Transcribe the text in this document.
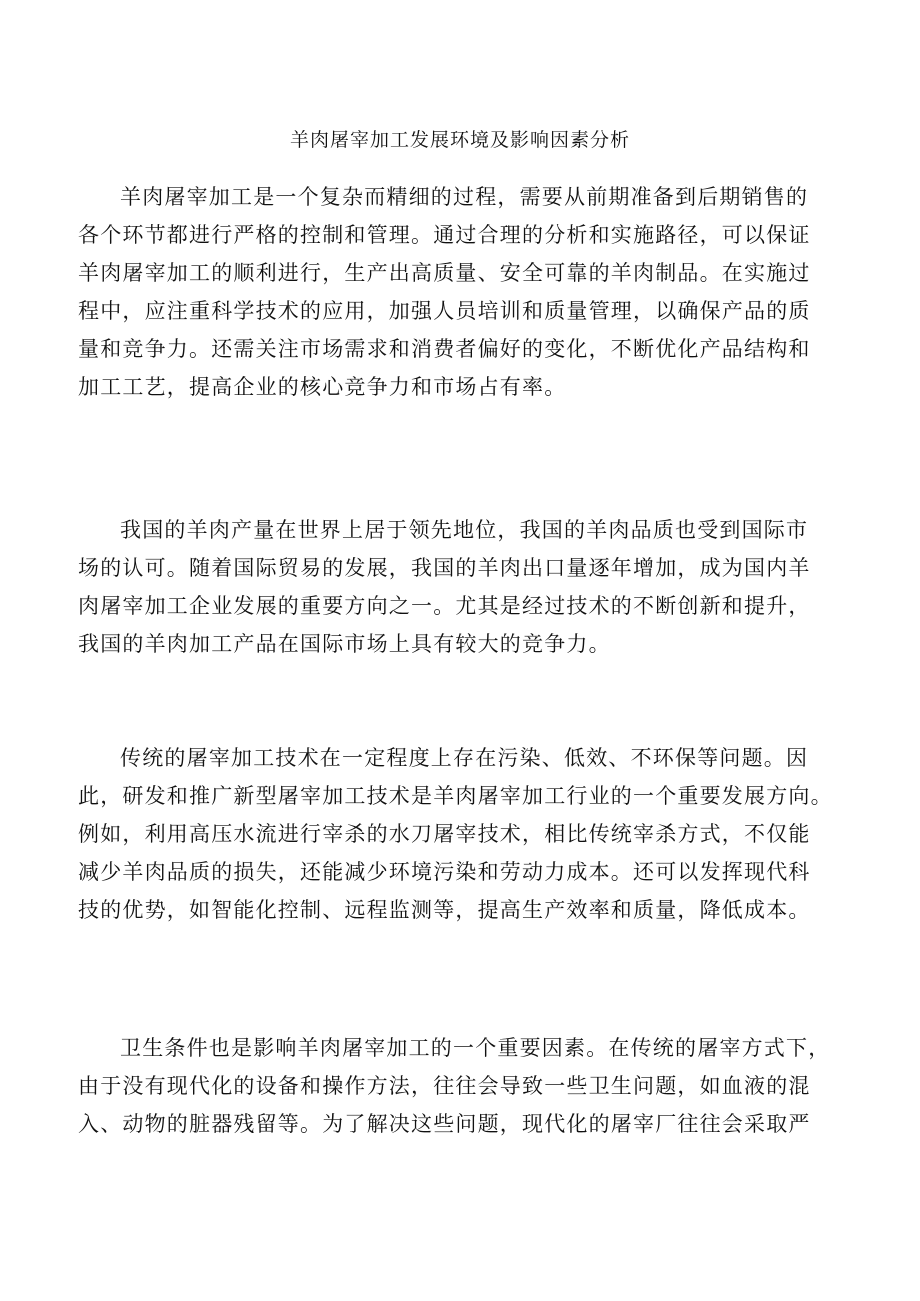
羊肉屠宰加工发展环境及影响因素分析

羊肉屠宰加工是一个复杂而精细的过程，需要从前期准备到后期销售的
各个环节都进行严格的控制和管理。通过合理的分析和实施路径，可以保证
羊肉屠宰加工的顺利进行，生产出高质量、安全可靠的羊肉制品。在实施过
程中，应注重科学技术的应用，加强人员培训和质量管理，以确保产品的质
量和竞争力。还需关注市场需求和消费者偏好的变化，不断优化产品结构和
加工工艺，提高企业的核心竞争力和市场占有率。

我国的羊肉产量在世界上居于领先地位，我国的羊肉品质也受到国际市
场的认可。随着国际贸易的发展，我国的羊肉出口量逐年增加，成为国内羊
肉屠宰加工企业发展的重要方向之一。尤其是经过技术的不断创新和提升，
我国的羊肉加工产品在国际市场上具有较大的竞争力。

传统的屠宰加工技术在一定程度上存在污染、低效、不环保等问题。因
此，研发和推广新型屠宰加工技术是羊肉屠宰加工行业的一个重要发展方向。
例如，利用高压水流进行宰杀的水刀屠宰技术，相比传统宰杀方式，不仅能
减少羊肉品质的损失，还能减少环境污染和劳动力成本。还可以发挥现代科
技的优势，如智能化控制、远程监测等，提高生产效率和质量，降低成本。

卫生条件也是影响羊肉屠宰加工的一个重要因素。在传统的屠宰方式下，
由于没有现代化的设备和操作方法，往往会导致一些卫生问题，如血液的混
入、动物的脏器残留等。为了解决这些问题，现代化的屠宰厂往往会采取严
